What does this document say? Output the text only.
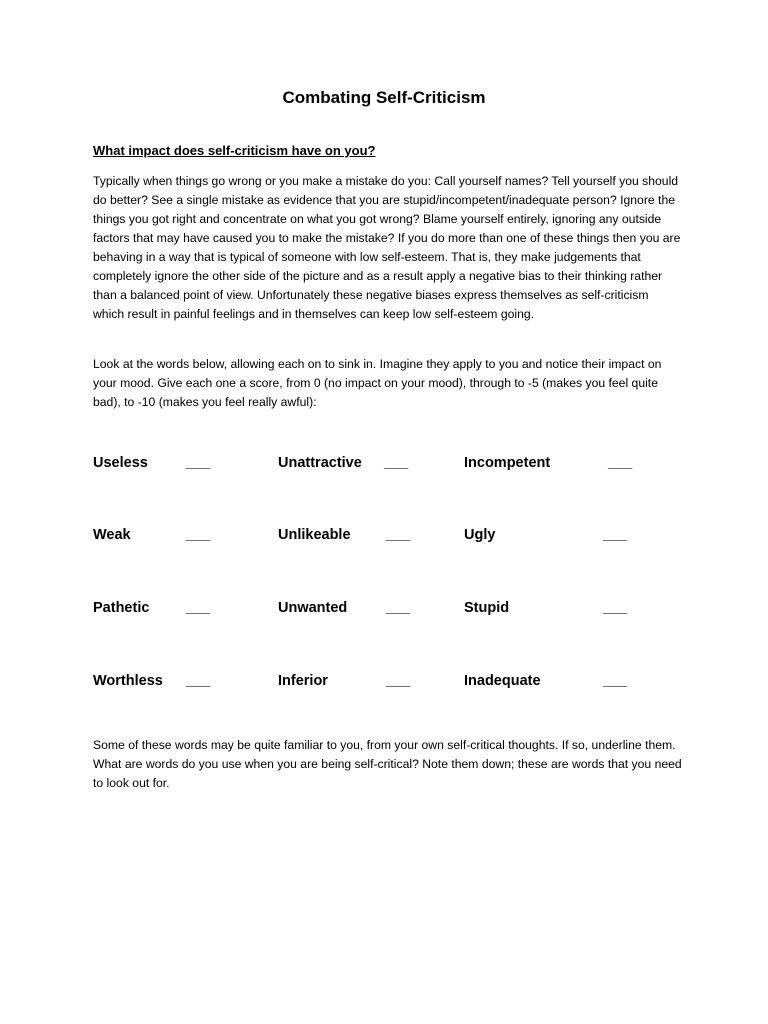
Combating Self-Criticism
What impact does self-criticism have on you?

Typically when things go wrong or you make a mistake do you: Call yourself names? Tell yourself you should do better? See a single mistake as evidence that you are stupid/incompetent/inadequate person? Ignore the things you got right and concentrate on what you got wrong? Blame yourself entirely, ignoring any outside factors that may have caused you to make the mistake? If you do more than one of these things then you are behaving in a way that is typical of someone with low self-esteem. That is, they make judgements that completely ignore the other side of the picture and as a result apply a negative bias to their thinking rather than a balanced point of view. Unfortunately these negative biases express themselves as self-criticism which result in painful feelings and in themselves can keep low self-esteem going.

Look at the words below, allowing each on to sink in. Imagine they apply to you and notice their impact on your mood. Give each one a score, from 0 (no impact on your mood), through to -5 (makes you feel quite bad), to -10 (makes you feel really awful):

Useless	___	Unattractive ___	Incompetent	___
Weak	___	Unlikeable ___	Ugly	___
Pathetic	___	Unwanted	___	Stupid	___
Worthless ___	Inferior	___	Inadequate	___

Some of these words may be quite familiar to you, from your own self-critical thoughts. If so, underline them. What are words do you use when you are being self-critical? Note them down; these are words that you need to look out for.
